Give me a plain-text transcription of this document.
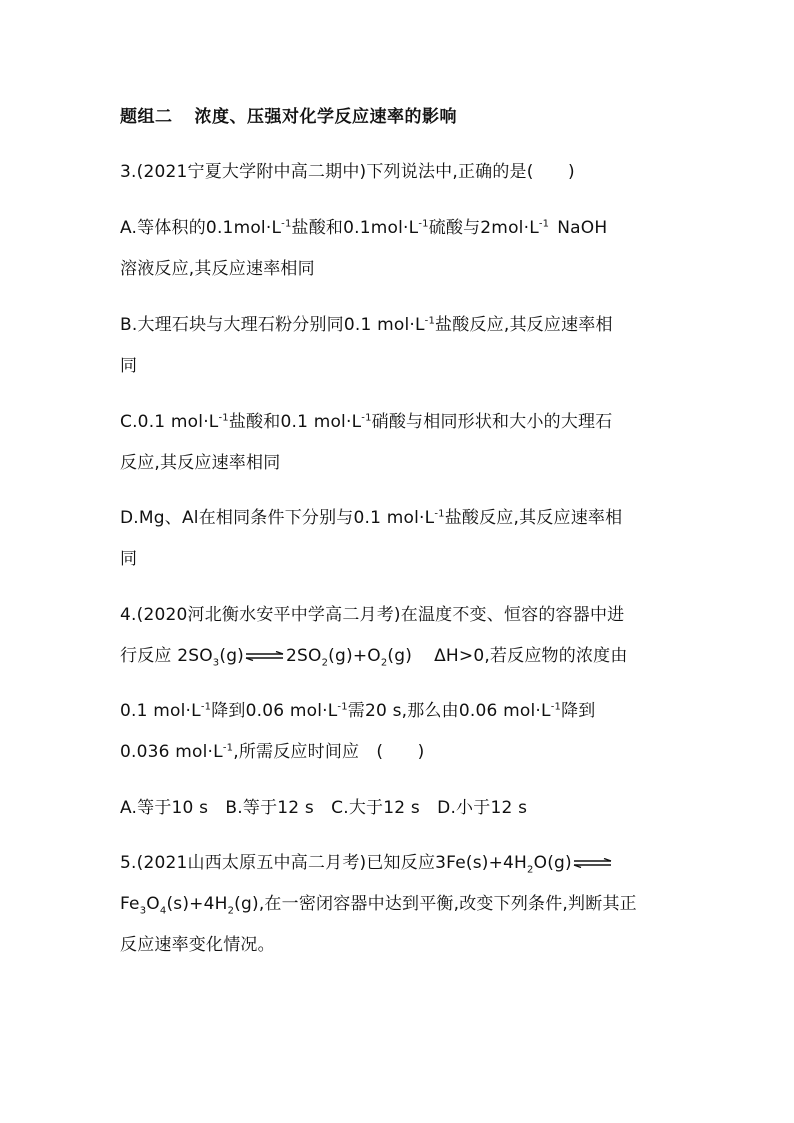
题组二 浓度、压强对化学反应速率的影响
3.(2021宁夏大学附中高二期中)下列说法中,正确的是(　　)
A.等体积的$0.1mol\cdot L^{-1}$盐酸和$0.1mol\cdot L^{-1}$硫酸与$2mol\cdot L^{-1}$ NaOH
溶液反应,其反应速率相同
B.大理石块与大理石粉分别同0.1 $mol\cdot L^{-1}$盐酸反应,其反应速率相
同
C.0.1 $mol\cdot L^{-1}$盐酸和0.1 $mol\cdot L^{-1}$硝酸与相同形状和大小的大理石
反应,其反应速率相同
D.Mg、Al在相同条件下分别与0.1 $mol\cdot L^{-1}$盐酸反应,其反应速率相
同
4.(2020河北衡水安平中学高二月考)在温度不变、恒容的容器中进
行反应 $2SO_3(g)\rightleftharpoons 2SO_2(g)+O_2(g)$ ΔH>0,若反应物的浓度由
0.1 $mol\cdot L^{-1}$降到0.06 $mol\cdot L^{-1}$需20 s,那么由0.06 $mol\cdot L^{-1}$降到
0.036 $mol\cdot L^{-1}$,所需反应时间应　(　　)
A.等于10 s　B.等于12 s　C.大于12 s　D.小于12 s
5.(2021山西太原五中高二月考)已知反应$3Fe(s)+4H_2O(g)\rightleftharpoons$
$Fe_3O_4(s)+4H_2(g)$,在一密闭容器中达到平衡,改变下列条件,判断其正
反应速率变化情况。
